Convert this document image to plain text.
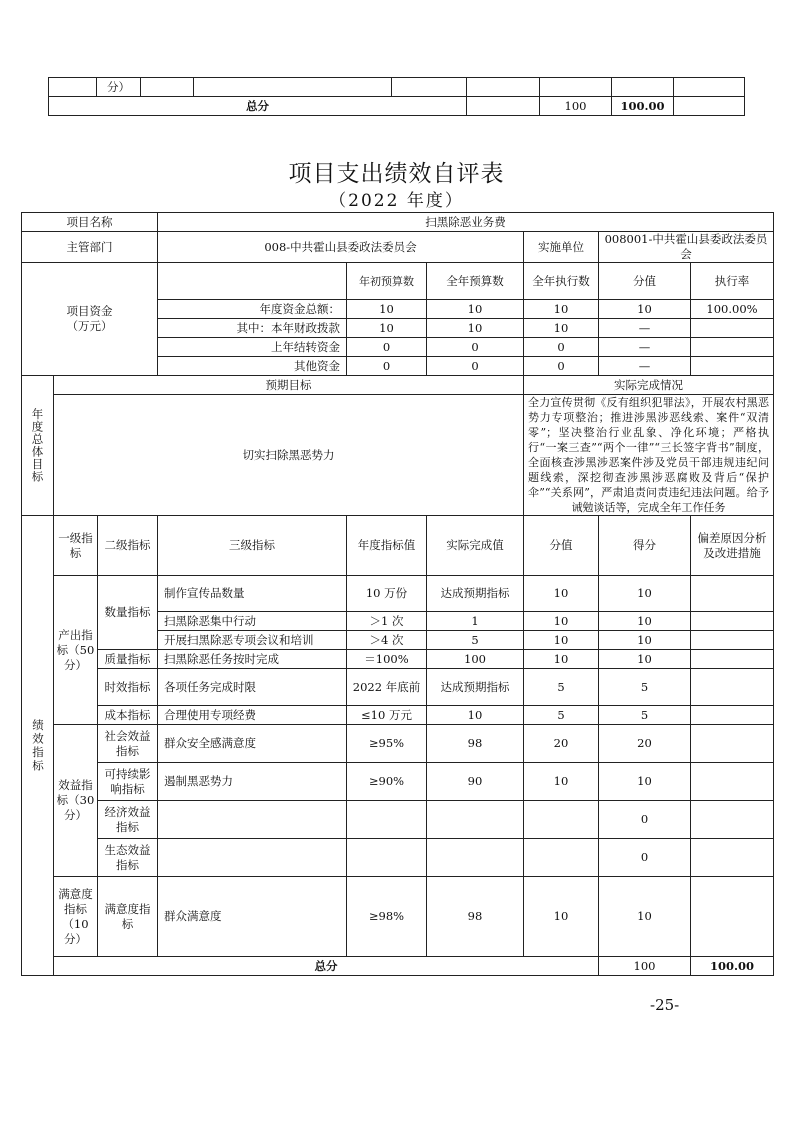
	分）							
总分						100	100.00	
项目支出绩效自评表
（2022 年度）
项目名称			扫黑除恶业务费						
主管部门			008-中共霍山县委政法委员会			实施单位	008001-中共霍山县委政法委员会		
项目资金
（万元）				年初预算数	全年预算数	全年执行数	分值	执行率	
			年度资金总额：	10	10	10	10	100.00%	
			其中：本年财政拨款	10	10	10	—		
			上年结转资金	0	0	0	—		
			其他资金	0	0	0	—		
年度总体目标	预期目标					实际完成情况			
	切实扫除黑恶势力					全力宣传贯彻《反有组织犯罪法》，开展农村黑恶势力专项整治；推进涉黑涉恶线索、案件“双清零”；坚决整治行业乱象、净化环境；严格执行“一案三查”“两个一律”“三长签字背书”制度，全面核查涉黑涉恶案件涉及党员干部违规违纪问题线索，深挖彻查涉黑涉恶腐败及背后“保护伞”“关系网”，严肃追责问责违纪违法问题。给予诫勉谈话等，完成全年工作任务			
绩效指标	一级指标	二级指标	三级指标	年度指标值	实际完成值	分值	得分	偏差原因分析及改进措施	
	产出指标（50分）	数量指标	制作宣传品数量	10 万份	达成预期指标	10	10		
			扫黑除恶集中行动	＞1 次	1	10	10		
			开展扫黑除恶专项会议和培训	＞4 次	5	10	10		
		质量指标	扫黑除恶任务按时完成	＝100%	100	10	10		
		时效指标	各项任务完成时限	2022 年底前	达成预期指标	5	5		
		成本指标	合理使用专项经费	≤10 万元	10	5	5		
	效益指标（30分）	社会效益指标	群众安全感满意度	≥95%	98	20	20		
		可持续影响指标	遏制黑恶势力	≥90%	90	10	10		
		经济效益指标					0		
		生态效益指标					0		
	满意度指标（10分）	满意度指标	群众满意度	≥98%	98	10	10		
	总分						100	100.00	
-25-
